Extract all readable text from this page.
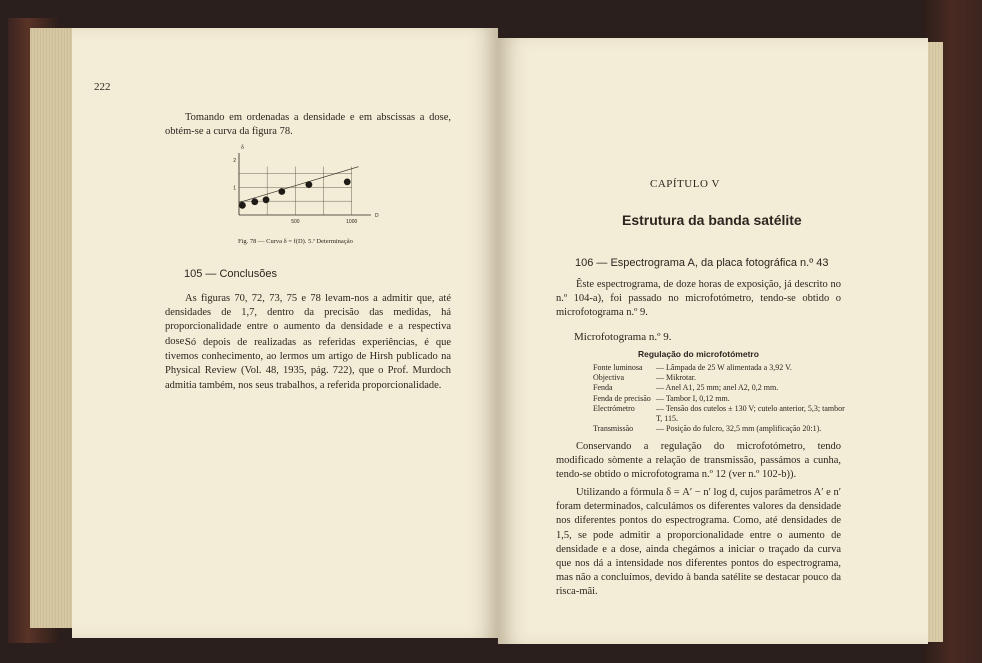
222
Tomando em ordenadas a densidade e em abscissas a dose, obtém-se a curva da figura 78.
500	1000
1
2
D
δ
Fig. 78 — Curva δ = f(D). 5.ª Determinação
105 — Conclusões
As figuras 70, 72, 73, 75 e 78 levam-nos a admitir que, até densidades de 1,7, dentro da precisão das medidas, há proporcionalidade entre o aumento da densidade e a respectiva dose.
Só depois de realizadas as referidas experiências, é que tivemos conhecimento, ao lermos um artigo de Hirsh publicado na Physical Review (Vol. 48, 1935, pág. 722), que o Prof. Murdoch admitia também, nos seus trabalhos, a referida proporcionalidade.
CAPÍTULO V
Estrutura da banda satélite
106 — Espectrograma A, da placa fotográfica n.º 43
Êste espectrograma, de doze horas de exposição, já descrito no n.º 104-a), foi passado no microfotómetro, tendo-se obtido o microfotograma n.º 9.
Microfotograma n.º 9.
Regulação do microfotómetro
Fonte luminosa	— Lâmpada de 25 W alimentada a 3,92 V.
Objectiva	— Mikrotar.
Fenda	— Anel A1, 25 mm; anel A2, 0,2 mm.
Fenda de precisão	— Tambor I, 0,12 mm.
Electrómetro	— Tensão dos cutelos ± 130 V; cutelo anterior, 5,3; tambor T, 115.
Transmissão	— Posição do fulcro, 32,5 mm (amplificação 20:1).
Conservando a regulação do microfotómetro, tendo modificado sòmente a relação de transmissão, passámos a cunha, tendo-se obtido o microfotograma n.º 12 (ver n.º 102-b)).
Utilizando a fórmula δ = A′ − n′ log d, cujos parâmetros A′ e n′ foram determinados, calculámos os diferentes valores da densidade nos diferentes pontos do espectrograma. Como, até densidades de 1,5, se pode admitir a proporcionalidade entre o aumento de densidade e a dose, ainda chegámos a iniciar o traçado da curva que nos dá a intensidade nos diferentes pontos do espectrograma, mas não a concluímos, devido à banda satélite se destacar pouco da risca-mãi.
